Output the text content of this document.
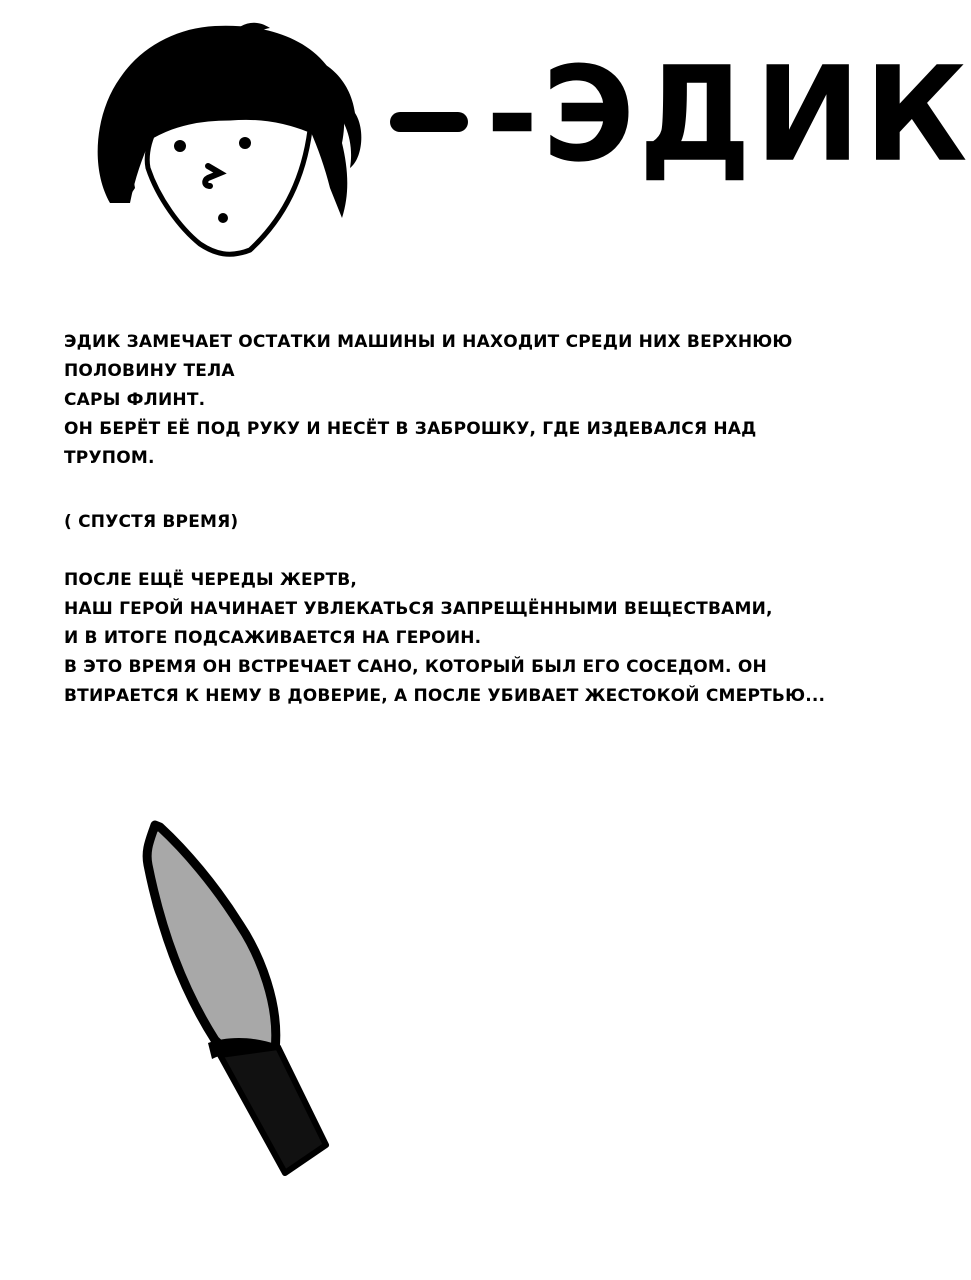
-ЭДИК
ЭДИК ЗАМЕЧАЕТ ОСТАТКИ МАШИНЫ И НАХОДИТ СРЕДИ НИХ ВЕРХНЮЮ
ПОЛОВИНУ ТЕЛА
САРЫ ФЛИНТ.
ОН БЕРЁТ ЕЁ ПОД РУКУ И НЕСЁТ В ЗАБРОШКУ, ГДЕ ИЗДЕВАЛСЯ НАД
ТРУПОМ.
( СПУСТЯ ВРЕМЯ)
ПОСЛЕ ЕЩЁ ЧЕРЕДЫ ЖЕРТВ,
НАШ ГЕРОЙ НАЧИНАЕТ УВЛЕКАТЬСЯ ЗАПРЕЩЁННЫМИ ВЕЩЕСТВАМИ,
И В ИТОГЕ ПОДСАЖИВАЕТСЯ НА ГЕРОИН.
В ЭТО ВРЕМЯ ОН ВСТРЕЧАЕТ САНО, КОТОРЫЙ БЫЛ ЕГО СОСЕДОМ. ОН
ВТИРАЕТСЯ К НЕМУ В ДОВЕРИЕ, А ПОСЛЕ УБИВАЕТ ЖЕСТОКОЙ СМЕРТЬЮ...
